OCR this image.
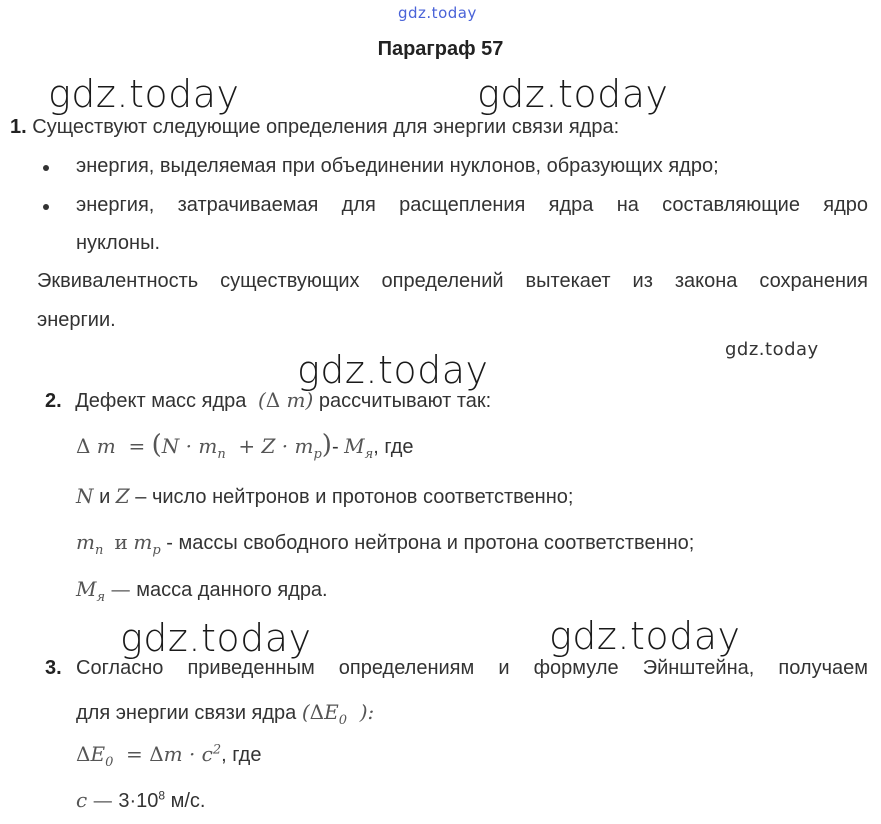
gdz.today
gdz.today	gdz.today
gdz.today	gdz.today
gdz.today	gdz.today
Параграф 57
1. Существуют следующие определения для энергии связи ядра:
энергия, выделяемая при объединении нуклонов, образующих ядро;
энергия, затрачиваемая для расщепления ядра на составляющие ядро
нуклоны.
Эквивалентность существующих определений вытекает из закона сохранения
энергии.
2. Дефект масс ядра (Δ m) рассчитывают так:
Δ $m = (N \cdot m_n + Z \cdot m_p)-$ $M_я$, где
N и Z – число нейтронов и протонов соответственно;
$m_n$ и $m_p$ - массы свободного нейтрона и протона соответственно;
$M_я$ — масса данного ядра.
3. Согласно приведенным определениям и формуле Эйнштейна, получаем
для энергии связи ядра ($\Delta E_0$  ):
$\Delta E_0 = \Delta m \cdot c^2$, где
c — $3\cdot 10^8$ м/с.
